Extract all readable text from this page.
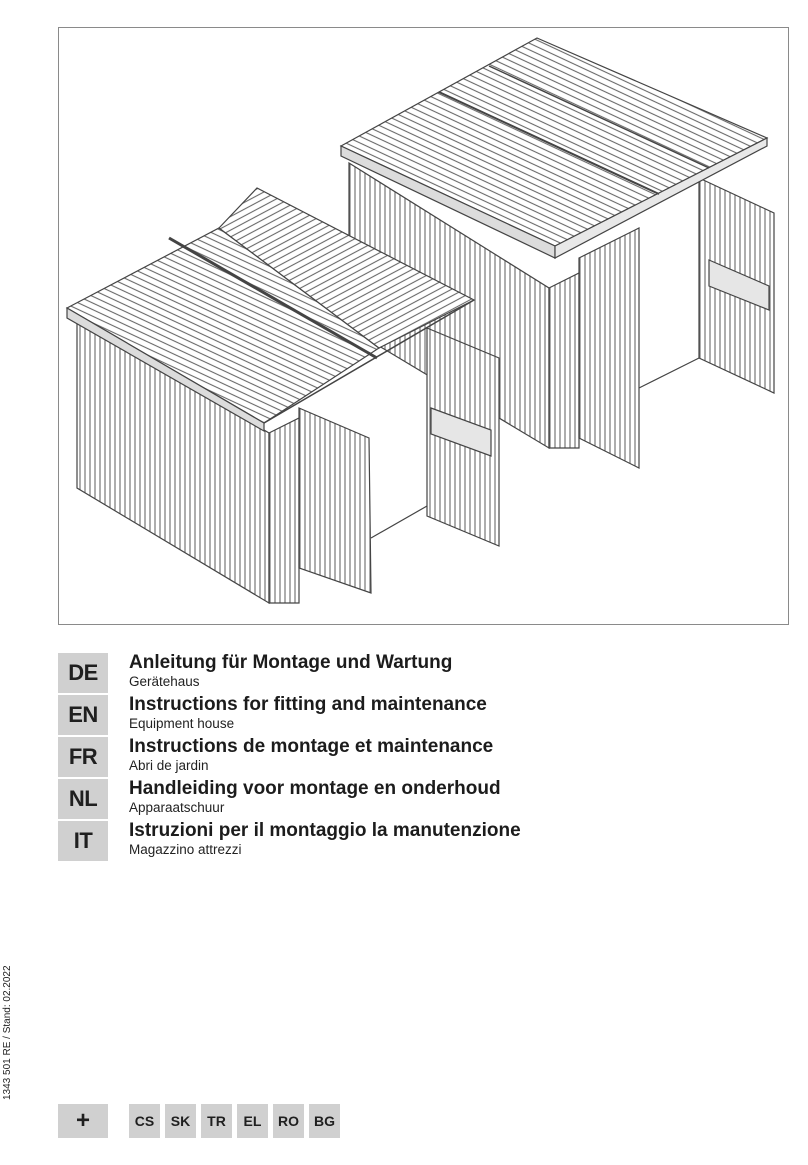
DE	Anleitung für Montage und Wartung
Gerätehaus
EN	Instructions for fitting and maintenance
Equipment house
FR	Instructions de montage et maintenance
Abri de jardin
NL	Handleiding voor montage en onderhoud
Apparaatschuur
IT	Istruzioni per il montaggio la manutenzione
Magazzino attrezzi
1343 501 RE / Stand: 02.2022
+	CS	SK	TR	EL	RO	BG
